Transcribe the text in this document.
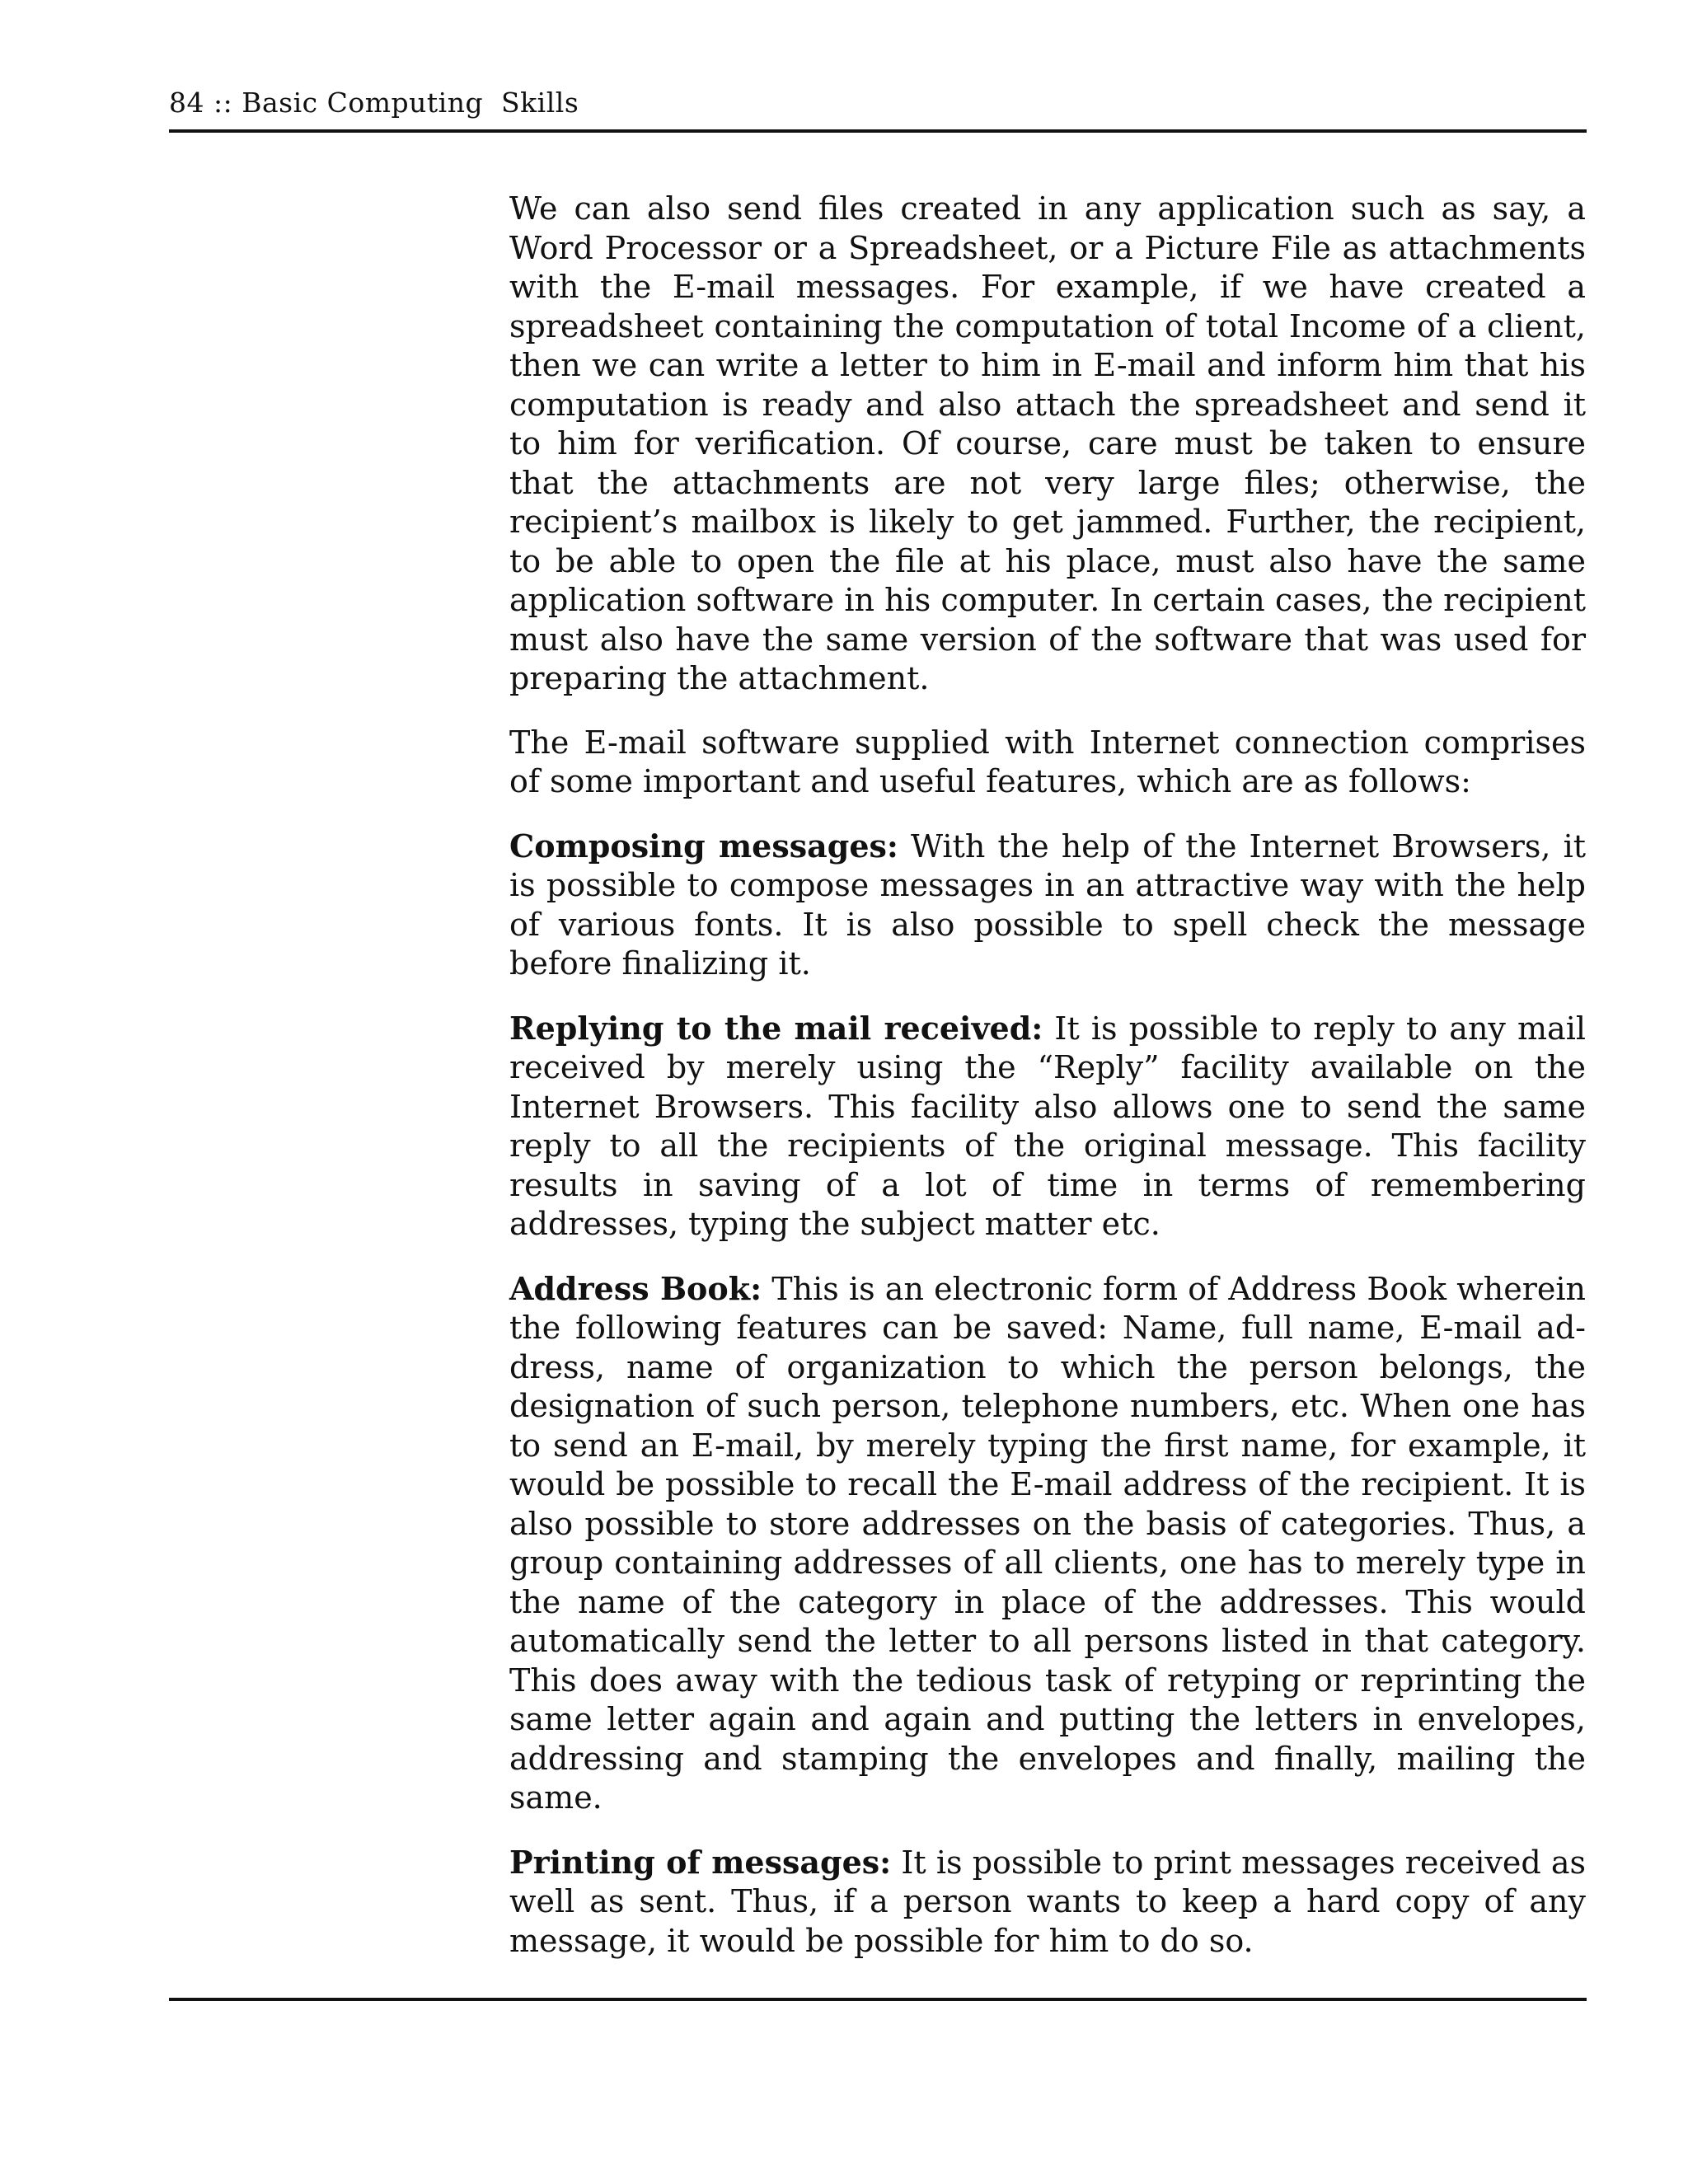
84 :: Basic Computing  Skills

We can also send files created in any application such as say, a Word Processor or a Spreadsheet, or a Picture File as attachments with the E-mail messages. For example, if we have created a spreadsheet containing the computation of total Income of a client, then we can write a letter to him in E-mail and inform him that his computation is ready and also attach the spreadsheet and send it to him for verification. Of course, care must be taken to ensure that the attachments are not very large files; otherwise, the recipient’s mailbox is likely to get jammed. Further, the recipient, to be able to open the file at his place, must also have the same application software in his computer. In certain cases, the recipient must also have the same version of the software that was used for preparing the attachment.

The E-mail software supplied with Internet connection comprises of some important and useful features, which are as follows:

Composing messages: With the help of the Internet Browsers, it is possible to compose messages in an attractive way with the help of various fonts. It is also possible to spell check the message before finalizing it.

Replying to the mail received: It is possible to reply to any mail received by merely using the “Reply” facility available on the Internet Browsers. This facility also allows one to send the same reply to all the recipients of the original message. This facility results in saving of a lot of time in terms of remembering addresses, typing the subject matter etc.

Address Book: This is an electronic form of Address Book wherein the following features can be saved: Name, full name, E-mail address, name of organization to which the person belongs, the designation of such person, telephone numbers, etc. When one has to send an E-mail, by merely typing the first name, for example, it would be possible to recall the E-mail address of the recipient. It is also possible to store addresses on the basis of categories. Thus, a group containing addresses of all clients, one has to merely type in the name of the category in place of the addresses. This would automatically send the letter to all persons listed in that category. This does away with the tedious task of retyping or reprinting the same letter again and again and putting the letters in envelopes, addressing and stamping the envelopes and finally, mailing the same.

Printing of messages: It is possible to print messages received as well as sent. Thus, if a person wants to keep a hard copy of any message, it would be possible for him to do so.
